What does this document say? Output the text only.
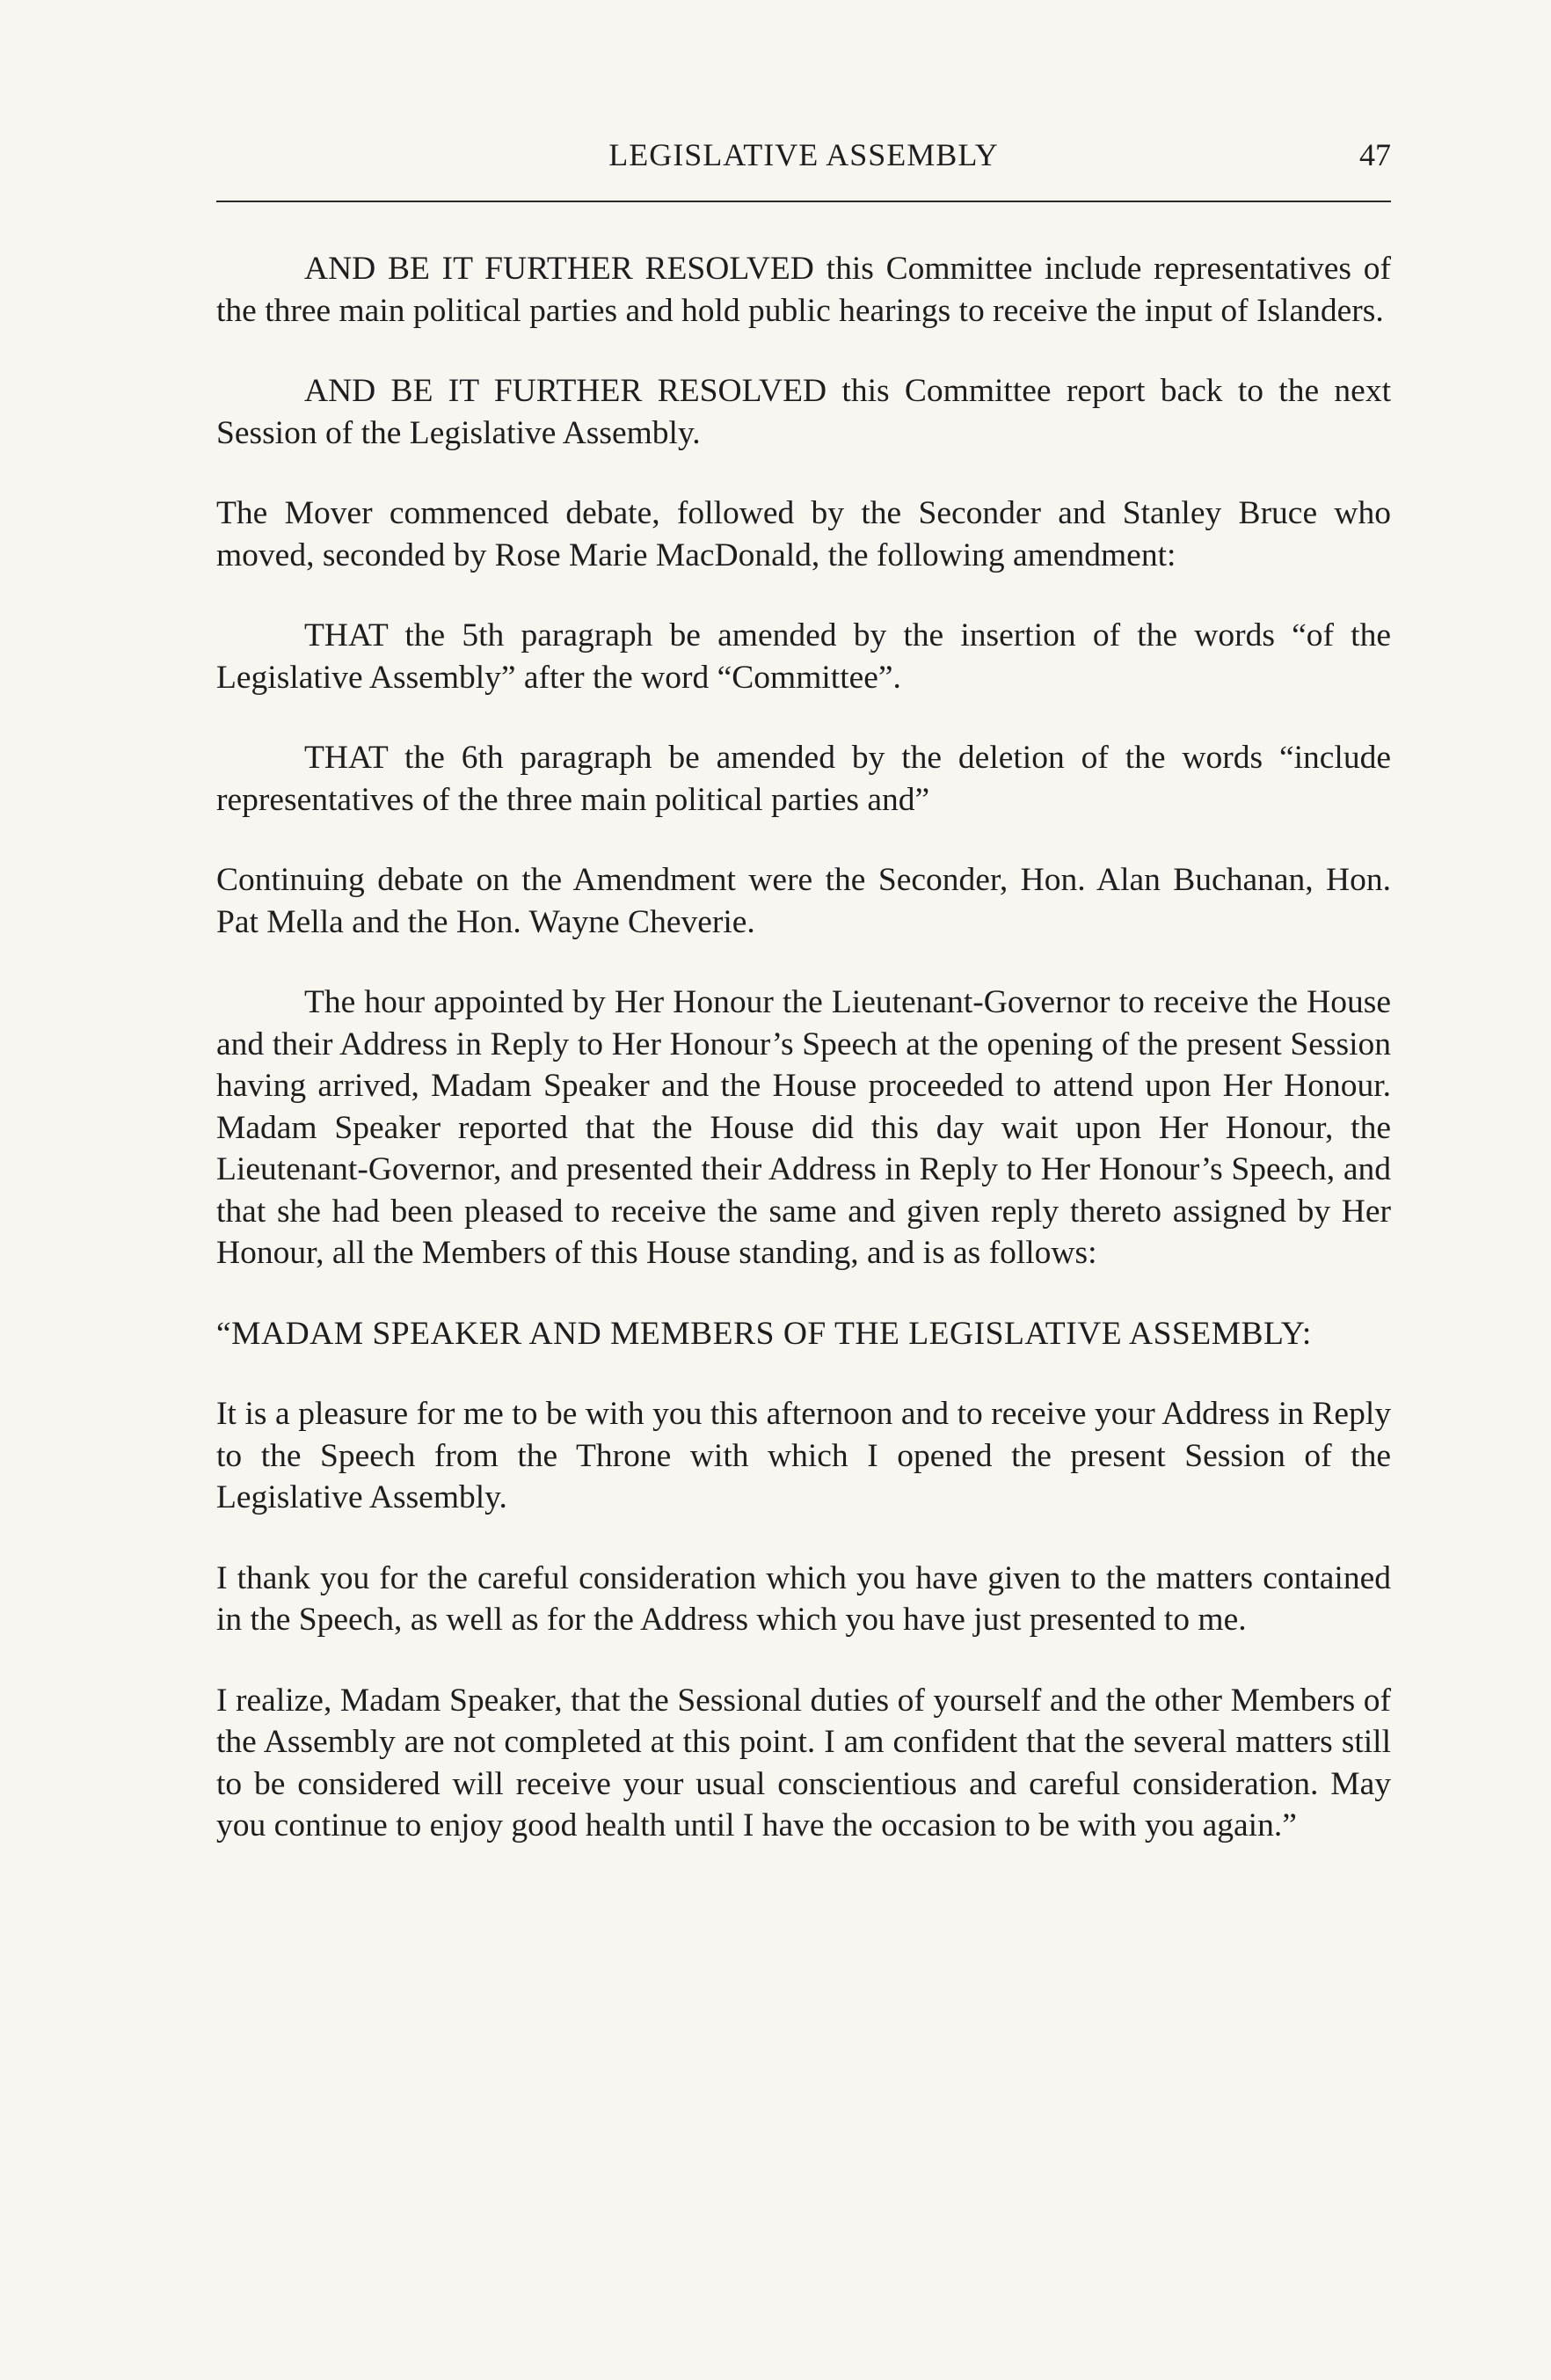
LEGISLATIVE ASSEMBLY	47

AND BE IT FURTHER RESOLVED this Committee include representatives of the three main political parties and hold public hearings to receive the input of Islanders.

AND BE IT FURTHER RESOLVED this Committee report back to the next Session of the Legislative Assembly.

The Mover commenced debate, followed by the Seconder and Stanley Bruce who moved, seconded by Rose Marie MacDonald, the following amendment:

THAT the 5th paragraph be amended by the insertion of the words “of the Legislative Assembly” after the word “Committee”.

THAT the 6th paragraph be amended by the deletion of the words “include representatives of the three main political parties and”

Continuing debate on the Amendment were the Seconder, Hon. Alan Buchanan, Hon. Pat Mella and the Hon. Wayne Cheverie.

The hour appointed by Her Honour the Lieutenant-Governor to receive the House and their Address in Reply to Her Honour’s Speech at the opening of the present Session having arrived, Madam Speaker and the House proceeded to attend upon Her Honour. Madam Speaker reported that the House did this day wait upon Her Honour, the Lieutenant-Governor, and presented their Address in Reply to Her Honour’s Speech, and that she had been pleased to receive the same and given reply thereto assigned by Her Honour, all the Members of this House standing, and is as follows:

“MADAM SPEAKER AND MEMBERS OF THE LEGISLATIVE ASSEMBLY:

It is a pleasure for me to be with you this afternoon and to receive your Address in Reply to the Speech from the Throne with which I opened the present Session of the Legislative Assembly.

I thank you for the careful consideration which you have given to the matters contained in the Speech, as well as for the Address which you have just presented to me.

I realize, Madam Speaker, that the Sessional duties of yourself and the other Members of the Assembly are not completed at this point. I am confident that the several matters still to be considered will receive your usual conscientious and careful consideration. May you continue to enjoy good health until I have the occasion to be with you again.”
